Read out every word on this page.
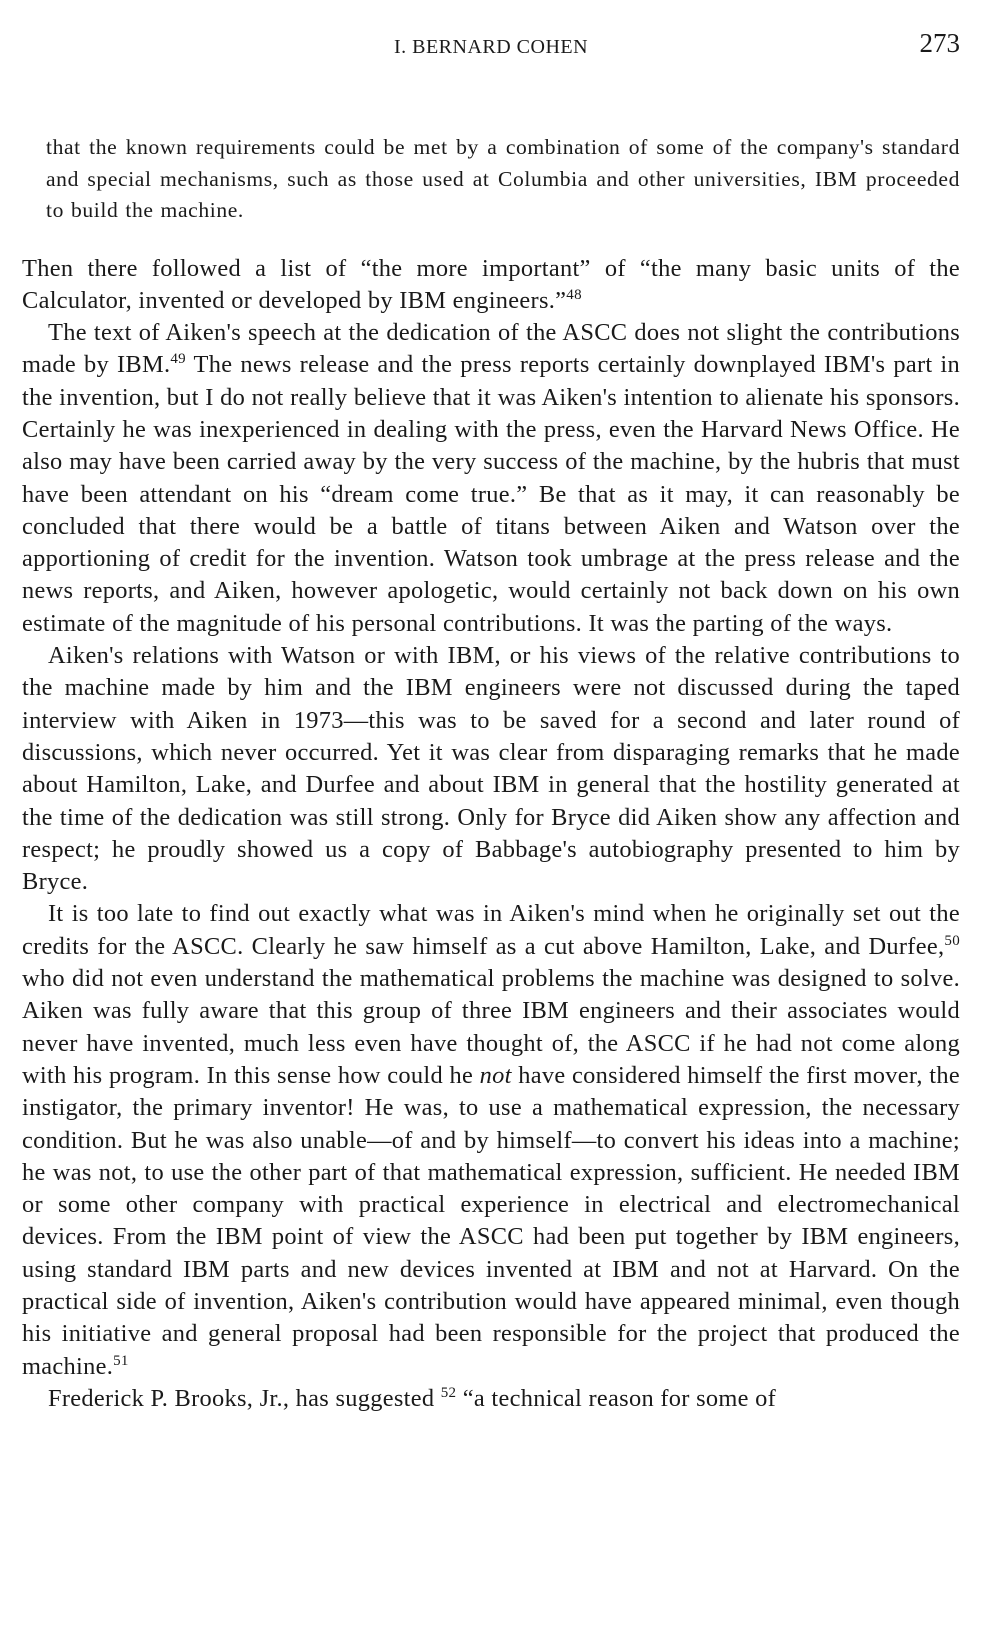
I. BERNARD COHEN	273
that the known requirements could be met by a combination of some of the company's standard and special mechanisms, such as those used at Columbia and other universities, IBM proceeded to build the machine.

Then there followed a list of “the more important” of “the many basic units of the Calculator, invented or developed by IBM engineers.”$^{48}$

The text of Aiken's speech at the dedication of the ASCC does not slight the contributions made by IBM.$^{49}$ The news release and the press reports certainly downplayed IBM's part in the invention, but I do not really believe that it was Aiken's intention to alienate his sponsors. Certainly he was inexperienced in dealing with the press, even the Harvard News Office. He also may have been carried away by the very success of the machine, by the hubris that must have been attendant on his “dream come true.” Be that as it may, it can reasonably be concluded that there would be a battle of titans between Aiken and Watson over the apportioning of credit for the invention. Watson took umbrage at the press release and the news reports, and Aiken, however apologetic, would certainly not back down on his own estimate of the magnitude of his personal contributions. It was the parting of the ways.

Aiken's relations with Watson or with IBM, or his views of the relative contributions to the machine made by him and the IBM engineers were not discussed during the taped interview with Aiken in 1973—this was to be saved for a second and later round of discussions, which never occurred. Yet it was clear from disparaging remarks that he made about Hamilton, Lake, and Durfee and about IBM in general that the hostility generated at the time of the dedication was still strong. Only for Bryce did Aiken show any affection and respect; he proudly showed us a copy of Babbage's autobiography presented to him by Bryce.

It is too late to find out exactly what was in Aiken's mind when he originally set out the credits for the ASCC. Clearly he saw himself as a cut above Hamilton, Lake, and Durfee,$^{50}$ who did not even understand the mathematical problems the machine was designed to solve. Aiken was fully aware that this group of three IBM engineers and their associates would never have invented, much less even have thought of, the ASCC if he had not come along with his program. In this sense how could he not have considered himself the first mover, the instigator, the primary inventor! He was, to use a mathematical expression, the necessary condition. But he was also unable—of and by himself—to convert his ideas into a machine; he was not, to use the other part of that mathematical expression, sufficient. He needed IBM or some other company with practical experience in electrical and electromechanical devices. From the IBM point of view the ASCC had been put together by IBM engineers, using standard IBM parts and new devices invented at IBM and not at Harvard. On the practical side of invention, Aiken's contribution would have appeared minimal, even though his initiative and general proposal had been responsible for the project that produced the machine.$^{51}$

Frederick P. Brooks, Jr., has suggested $^{52}$ “a technical reason for some of
